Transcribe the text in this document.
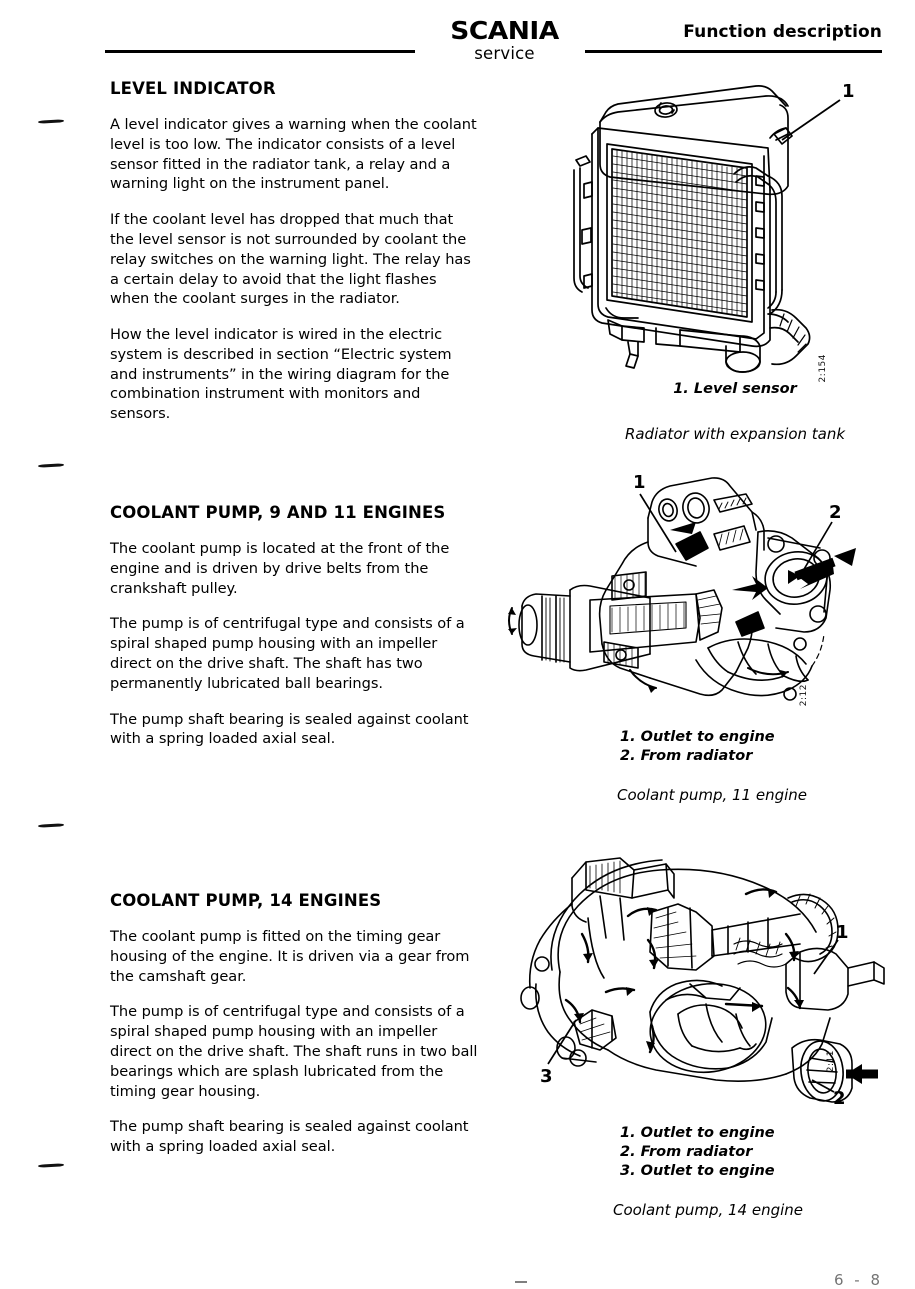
SCANIA
service
Function description
LEVEL INDICATOR

A level indicator gives a warning when the coolant level is too low. The indicator consists of a level sensor fitted in the radiator tank, a relay and a warning light on the instrument panel.

If the coolant level has dropped that much that the level sensor is not surrounded by coolant the relay switches on the warning light. The relay has a certain delay to avoid that the light flashes when the coolant surges in the radiator.

How the level indicator is wired in the electric system is described in section “Electric system and instruments” in the wiring diagram for the combination instrument with monitors and sensors.

1
2:154
1. Level sensor
Radiator with expansion tank
COOLANT PUMP, 9 AND 11 ENGINES

The coolant pump is located at the front of the engine and is driven by drive belts from the crankshaft pulley.

The pump is of centrifugal type and consists of a spiral shaped pump housing with an impeller direct on the drive shaft. The shaft has two permanently lubricated ball bearings.

The pump shaft bearing is sealed against coolant with a spring loaded axial seal.

1
2
2:12
1. Outlet to engine
2. From radiator
Coolant pump, 11 engine
COOLANT PUMP, 14 ENGINES

The coolant pump is fitted on the timing gear housing of the engine. It is driven via a gear from the camshaft gear.

The pump is of centrifugal type and consists of a spiral shaped pump housing with an impeller direct on the drive shaft. The shaft runs in two ball bearings which are splash lubricated from the timing gear housing.

The pump shaft bearing is sealed against coolant with a spring loaded axial seal.

1
2
3
2:11
1. Outlet to engine
2. From radiator
3. Outlet to engine
Coolant pump, 14 engine
6 - 8
